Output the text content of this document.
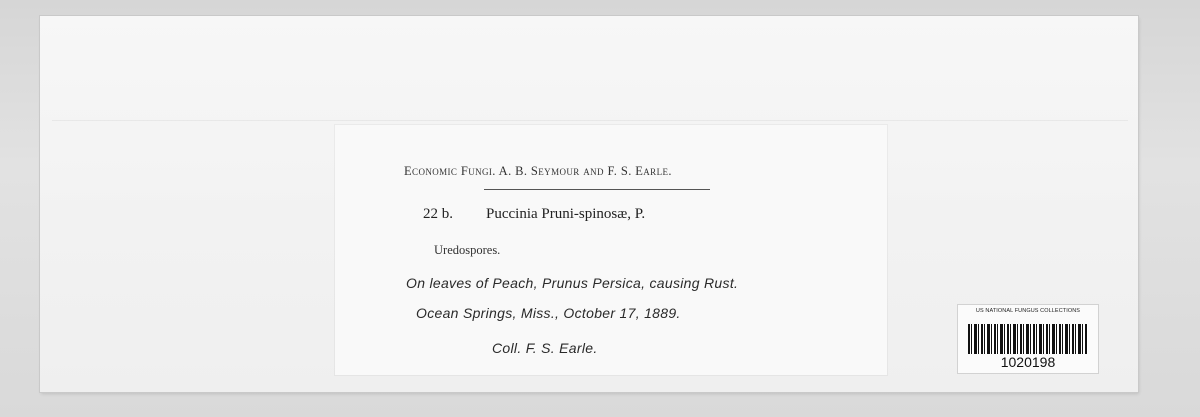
Economic Fungi. A. B. Seymour and F. S. Earle.
22 b. Puccinia Pruni-spinosæ, P.
Uredospores.
On leaves of Peach, Prunus Persica, causing Rust.
Ocean Springs, Miss., October 17, 1889.
Coll. F. S. Earle.
US NATIONAL FUNGUS COLLECTIONS
1020198
